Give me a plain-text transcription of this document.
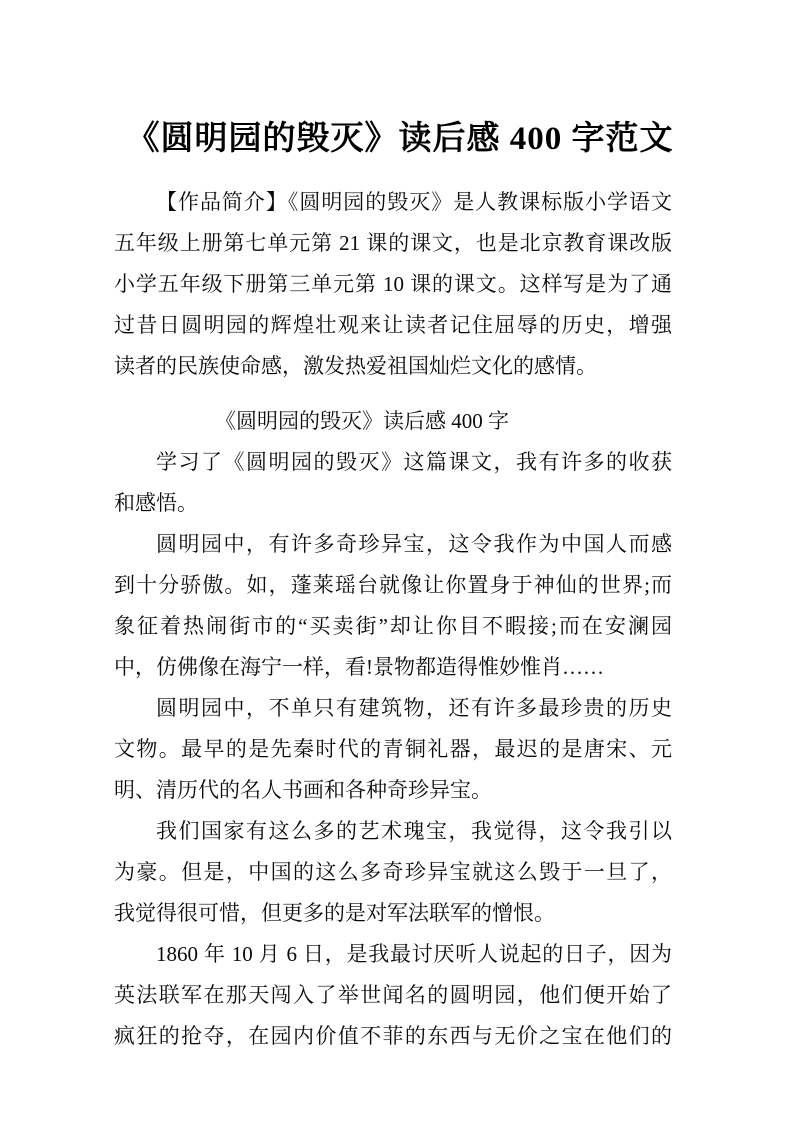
《圆明园的毁灭》读后感 400 字范文
【作品简介】《圆明园的毁灭》是人教课标版小学语文
五年级上册第七单元第 21 课的课文，也是北京教育课改版
小学五年级下册第三单元第 10 课的课文。这样写是为了通
过昔日圆明园的辉煌壮观来让读者记住屈辱的历史，增强
读者的民族使命感，激发热爱祖国灿烂文化的感情。
《圆明园的毁灭》读后感 400 字
学习了《圆明园的毁灭》这篇课文，我有许多的收获
和感悟。
圆明园中，有许多奇珍异宝，这令我作为中国人而感
到十分骄傲。如，蓬莱瑶台就像让你置身于神仙的世界;而
象征着热闹街市的“买卖街”却让你目不暇接;而在安澜园
中，仿佛像在海宁一样，看!景物都造得惟妙惟肖……
圆明园中，不单只有建筑物，还有许多最珍贵的历史
文物。最早的是先秦时代的青铜礼器，最迟的是唐宋、元
明、清历代的名人书画和各种奇珍异宝。
我们国家有这么多的艺术瑰宝，我觉得，这令我引以
为豪。但是，中国的这么多奇珍异宝就这么毁于一旦了，
我觉得很可惜，但更多的是对军法联军的憎恨。
1860 年 10 月 6 日，是我最讨厌听人说起的日子，因为
英法联军在那天闯入了举世闻名的圆明园，他们便开始了
疯狂的抢夺，在园内价值不菲的东西与无价之宝在他们的
